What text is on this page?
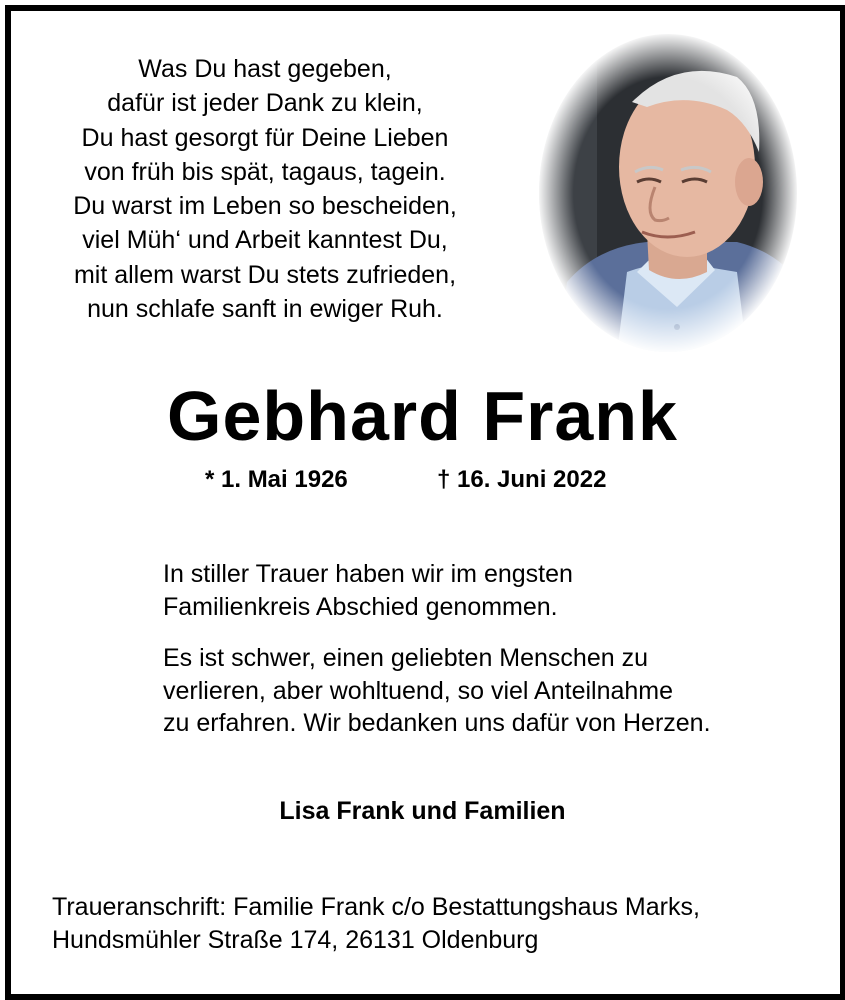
Was Du hast gegeben,
dafür ist jeder Dank zu klein,
Du hast gesorgt für Deine Lieben
von früh bis spät, tagaus, tagein.
Du warst im Leben so bescheiden,
viel Müh‘ und Arbeit kanntest Du,
mit allem warst Du stets zufrieden,
nun schlafe sanft in ewiger Ruh.
Gebhard Frank
* 1. Mai 1926	† 16. Juni 2022
In stiller Trauer haben wir im engsten
Familienkreis Abschied genommen.
Es ist schwer, einen geliebten Menschen zu
verlieren, aber wohltuend, so viel Anteilnahme
zu erfahren. Wir bedanken uns dafür von Herzen.
Lisa Frank und Familien
Traueranschrift: Familie Frank c/o Bestattungshaus Marks,
Hundsmühler Straße 174, 26131 Oldenburg
